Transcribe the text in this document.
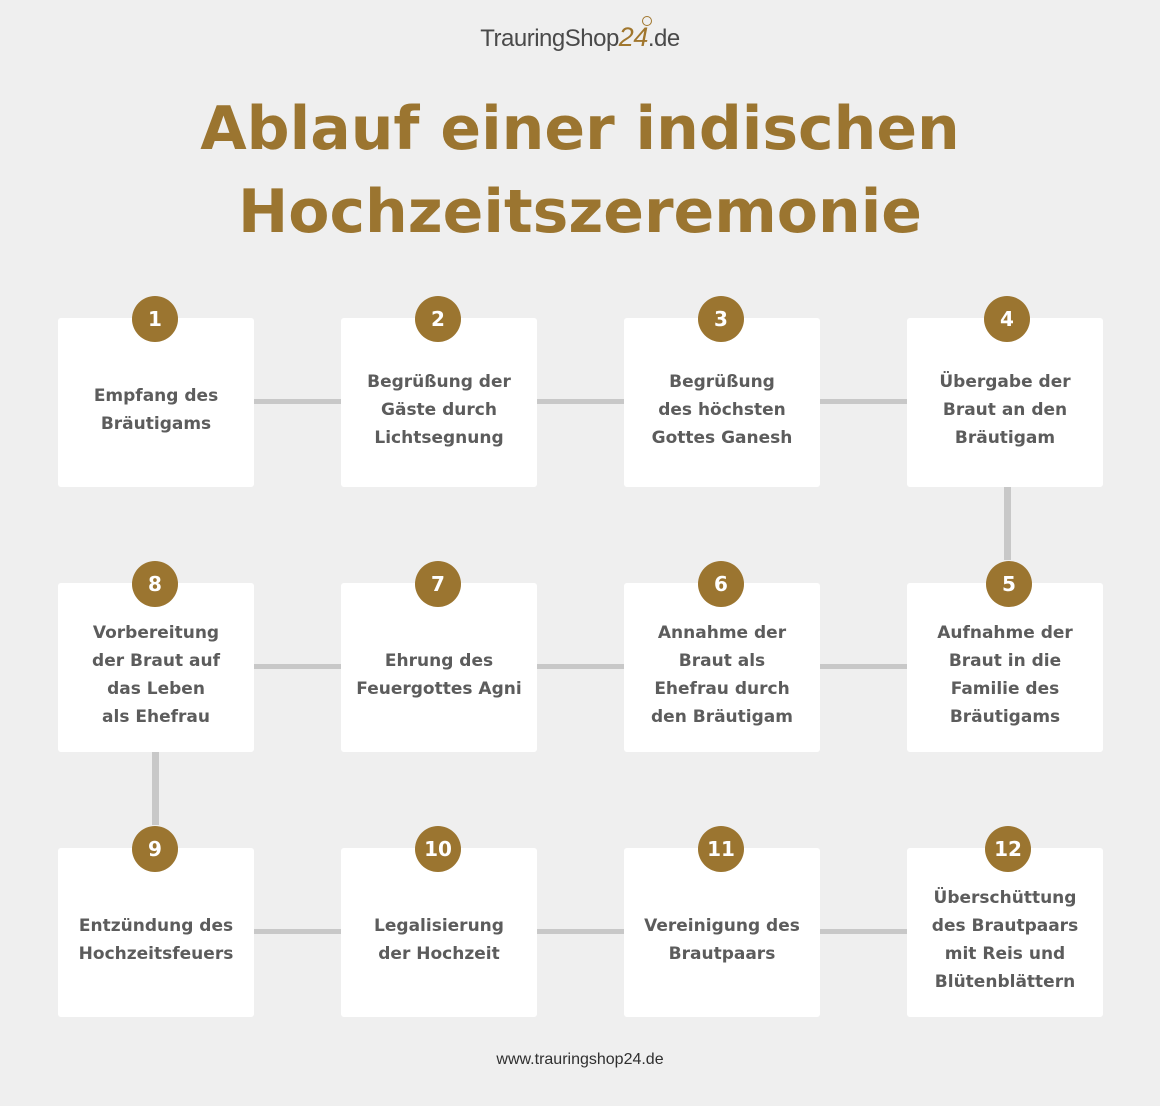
TrauringShop24
.de
Ablauf einer indischen
Hochzeitszeremonie
Empfang des
Bräutigams
1
Begrüßung der
Gäste durch
Lichtsegnung
2
Begrüßung
des höchsten
Gottes Ganesh
3
Übergabe der
Braut an den
Bräutigam
4
Vorbereitung
der Braut auf
das Leben
als Ehefrau
8
Ehrung des
Feuergottes Agni
7
Annahme der
Braut als
Ehefrau durch
den Bräutigam
6
Aufnahme der
Braut in die
Familie des
Bräutigams
5
Entzündung des
Hochzeitsfeuers
9
Legalisierung
der Hochzeit
10
Vereinigung des
Brautpaars
11
Überschüttung
des Brautpaars
mit Reis und
Blütenblättern
12
www.trauringshop24.de
